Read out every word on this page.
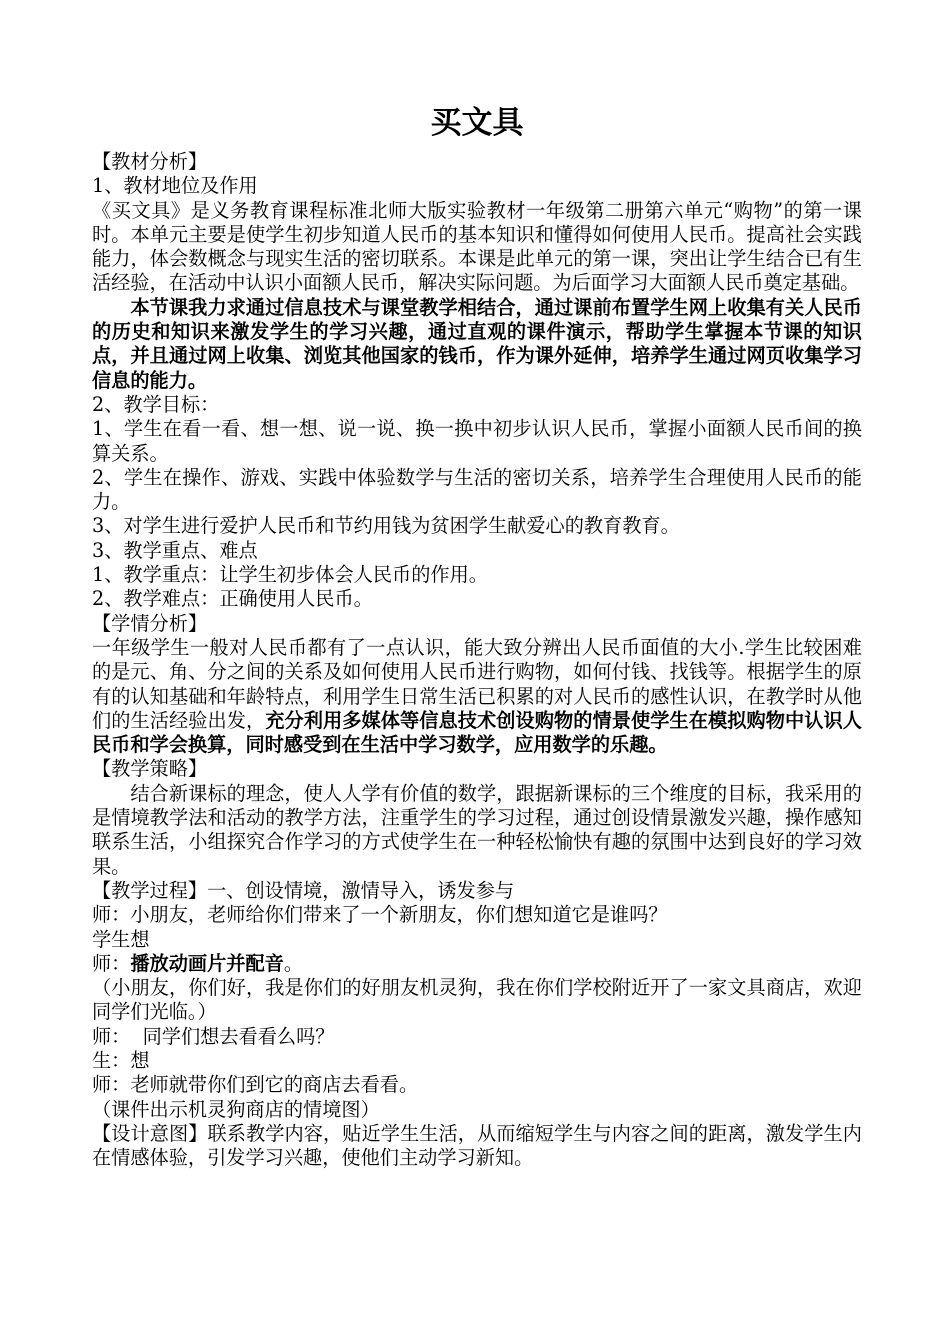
买文具

【教材分析】

1、教材地位及作用

《买文具》是义务教育课程标准北师大版实验教材一年级第二册第六单元“购物”的第一课时。本单元主要是使学生初步知道人民币的基本知识和懂得如何使用人民币。提高社会实践能力，体会数概念与现实生活的密切联系。本课是此单元的第一课，突出让学生结合已有生活经验，在活动中认识小面额人民币，解决实际问题。为后面学习大面额人民币奠定基础。

本节课我力求通过信息技术与课堂教学相结合，通过课前布置学生网上收集有关人民币的历史和知识来激发学生的学习兴趣，通过直观的课件演示，帮助学生掌握本节课的知识点，并且通过网上收集、浏览其他国家的钱币，作为课外延伸，培养学生通过网页收集学习信息的能力。

2、教学目标：

1、学生在看一看、想一想、说一说、换一换中初步认识人民币，掌握小面额人民币间的换算关系。

2、学生在操作、游戏、实践中体验数学与生活的密切关系，培养学生合理使用人民币的能力。

3、对学生进行爱护人民币和节约用钱为贫困学生献爱心的教育教育。

3、教学重点、难点

1、教学重点：让学生初步体会人民币的作用。

2、教学难点：正确使用人民币。

【学情分析】

一年级学生一般对人民币都有了一点认识，能大致分辨出人民币面值的大小.学生比较困难的是元、角、分之间的关系及如何使用人民币进行购物，如何付钱、找钱等。根据学生的原有的认知基础和年龄特点，利用学生日常生活已积累的对人民币的感性认识，在教学时从他们的生活经验出发，充分利用多媒体等信息技术创设购物的情景使学生在模拟购物中认识人民币和学会换算，同时感受到在生活中学习数学，应用数学的乐趣。

【教学策略】

结合新课标的理念，使人人学有价值的数学，跟据新课标的三个维度的目标，我采用的是情境教学法和活动的教学方法，注重学生的学习过程，通过创设情景激发兴趣，操作感知联系生活，小组探究合作学习的方式使学生在一种轻松愉快有趣的氛围中达到良好的学习效果。

【教学过程】一、创设情境，激情导入，诱发参与

师：小朋友，老师给你们带来了一个新朋友，你们想知道它是谁吗？

学生想

师：播放动画片并配音。

（小朋友，你们好，我是你们的好朋友机灵狗，我在你们学校附近开了一家文具商店，欢迎同学们光临。）

师：  同学们想去看看么吗？

生：想

师：老师就带你们到它的商店去看看。

（课件出示机灵狗商店的情境图）

【设计意图】联系教学内容，贴近学生生活，从而缩短学生与内容之间的距离，激发学生内在情感体验，引发学习兴趣，使他们主动学习新知。
